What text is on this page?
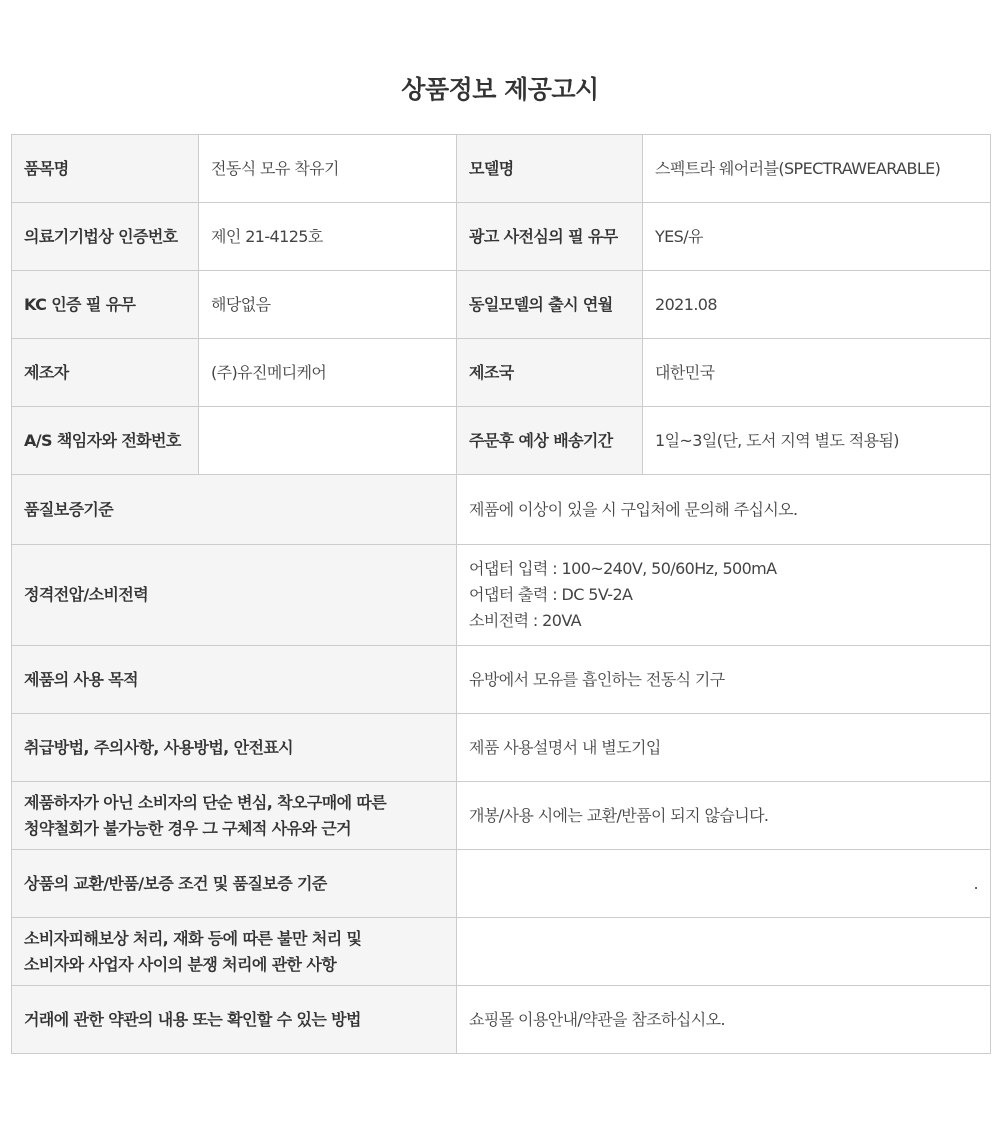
상품정보 제공고시
품목명	전동식 모유 착유기	모델명	스펙트라 웨어러블(SPECTRAWEARABLE)
의료기기법상 인증번호	제인 21-4125호	광고 사전심의 필 유무	YES/유
KC 인증 필 유무	해당없음	동일모델의 출시 연월	2021.08
제조자	(주)유진메디케어	제조국	대한민국
A/S 책임자와 전화번호		주문후 예상 배송기간	1일~3일(단, 도서 지역 별도 적용됨)
품질보증기준		제품에 이상이 있을 시 구입처에 문의해 주십시오.	

정격전압/소비전력		어댑터 입력 : 100~240V, 50/60Hz, 500mA
어댑터 출력 : DC 5V-2A
소비전력 : 20VA	

제품의 사용 목적		유방에서 모유를 흡인하는 전동식 기구	

취급방법, 주의사항, 사용방법, 안전표시		제품 사용설명서 내 별도기입	

제품하자가 아닌 소비자의 단순 변심, 착오구매에 따른
청약철회가 불가능한 경우 그 구체적 사유와 근거		개봉/사용 시에는 교환/반품이 되지 않습니다.	

상품의 교환/반품/보증 조건 및 품질보증 기준		.	

소비자피해보상 처리, 재화 등에 따른 불만 처리 및
소비자와 사업자 사이의 분쟁 처리에 관한 사항			

거래에 관한 약관의 내용 또는 확인할 수 있는 방법		쇼핑몰 이용안내/약관을 참조하십시오.	
